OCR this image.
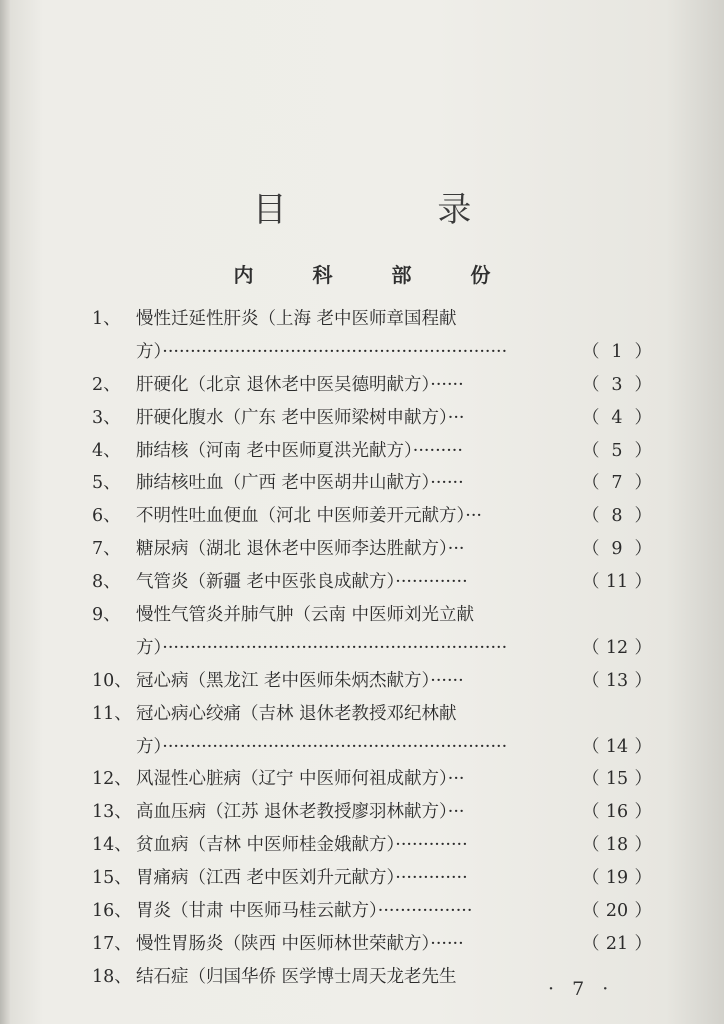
目 录
内 科 部 份
1、 慢性迁延性肝炎（上海 老中医师章国程献
方）······························································	（ 1 ）
2、 肝硬化（北京 退休老中医吴德明献方）······	（ 3 ）
3、 肝硬化腹水（广东 老中医师梁树申献方）···	（ 4 ）
4、 肺结核（河南 老中医师夏洪光献方）·········	（ 5 ）
5、 肺结核吐血（广西 老中医胡井山献方）······	（ 7 ）
6、 不明性吐血便血（河北 中医师姜开元献方）···	（ 8 ）
7、 糖尿病（湖北 退休老中医师李达胜献方）···	（ 9 ）
8、 气管炎（新疆 老中医张良成献方）·············	（ 11 ）
9、 慢性气管炎并肺气肿（云南 中医师刘光立献
方）······························································	（ 12 ）
10、 冠心病（黑龙江 老中医师朱炳杰献方）······	（ 13 ）
11、 冠心病心绞痛（吉林 退休老教授邓纪林献
方）······························································	（ 14 ）
12、 风湿性心脏病（辽宁 中医师何祖成献方）···	（ 15 ）
13、 高血压病（江苏 退休老教授廖羽林献方）···	（ 16 ）
14、 贫血病（吉林 中医师桂金娥献方）·············	（ 18 ）
15、 胃痛病（江西 老中医刘升元献方）·············	（ 19 ）
16、 胃炎（甘肃 中医师马桂云献方）·················	（ 20 ）
17、 慢性胃肠炎（陕西 中医师林世荣献方）······	（ 21 ）
18、 结石症（归国华侨 医学博士周天龙老先生
· 7 ·
